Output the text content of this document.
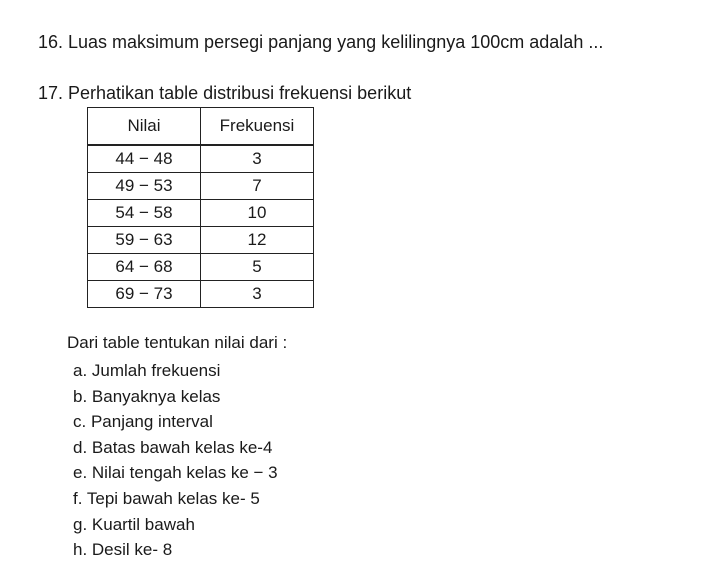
16. Luas maksimum persegi panjang yang kelilingnya 100cm adalah ...
17. Perhatikan table distribusi frekuensi berikut
Nilai	Frekuensi
44 − 48	3
49 − 53	7
54 − 58	10
59 − 63	12
64 − 68	5
69 − 73	3
Dari table tentukan nilai dari :
a. Jumlah frekuensi
b. Banyaknya kelas
c. Panjang interval
d. Batas bawah kelas ke-4
e. Nilai tengah kelas ke − 3
f. Tepi bawah kelas ke- 5
g. Kuartil bawah
h. Desil ke- 8
